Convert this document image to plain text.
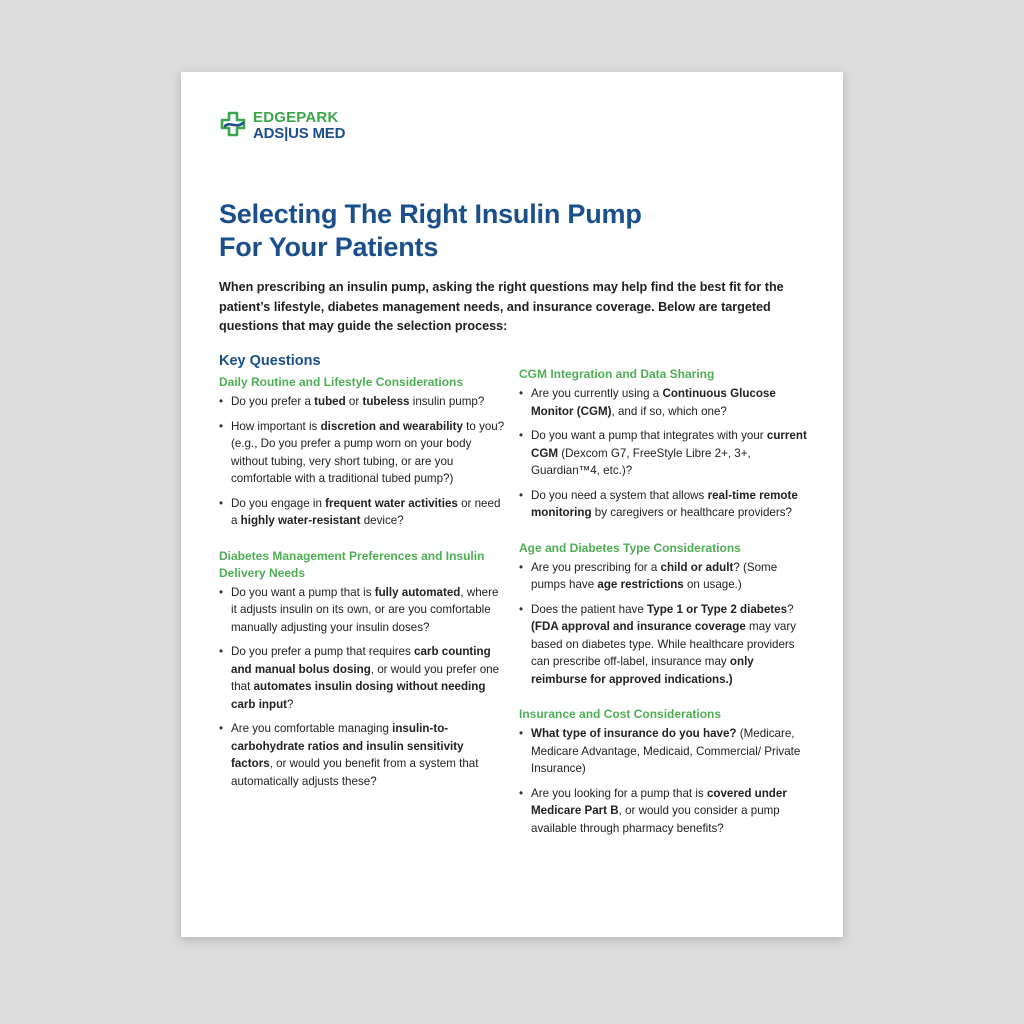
EDGEPARK
ADS|US MED
Selecting The Right Insulin Pump
For Your Patients

When prescribing an insulin pump, asking the right questions may help find the best fit for the patient’s lifestyle, diabetes management needs, and insurance coverage. Below are targeted questions that may guide the selection process:

Key Questions
Daily Routine and Lifestyle Considerations
• Do you prefer a tubed or tubeless insulin pump?
• How important is discretion and wearability to you? (e.g., Do you prefer a pump worn on your body without tubing, very short tubing, or are you comfortable with a traditional tubed pump?)
• Do you engage in frequent water activities or need a highly water-resistant device?
Diabetes Management Preferences and Insulin Delivery Needs
• Do you want a pump that is fully automated, where it adjusts insulin on its own, or are you comfortable manually adjusting your insulin doses?
• Do you prefer a pump that requires carb counting and manual bolus dosing, or would you prefer one that automates insulin dosing without needing carb input?
• Are you comfortable managing insulin-to-carbohydrate ratios and insulin sensitivity factors, or would you benefit from a system that automatically adjusts these?
CGM Integration and Data Sharing
• Are you currently using a Continuous Glucose Monitor (CGM), and if so, which one?
• Do you want a pump that integrates with your current CGM (Dexcom G7, FreeStyle Libre 2+, 3+, Guardian™4, etc.)?
• Do you need a system that allows real-time remote monitoring by caregivers or healthcare providers?
Age and Diabetes Type Considerations
• Are you prescribing for a child or adult? (Some pumps have age restrictions on usage.)
• Does the patient have Type 1 or Type 2 diabetes? (FDA approval and insurance coverage may vary based on diabetes type. While healthcare providers can prescribe off-label, insurance may only reimburse for approved indications.)
Insurance and Cost Considerations
• What type of insurance do you have? (Medicare, Medicare Advantage, Medicaid, Commercial/ Private Insurance)
• Are you looking for a pump that is covered under Medicare Part B, or would you consider a pump available through pharmacy benefits?
